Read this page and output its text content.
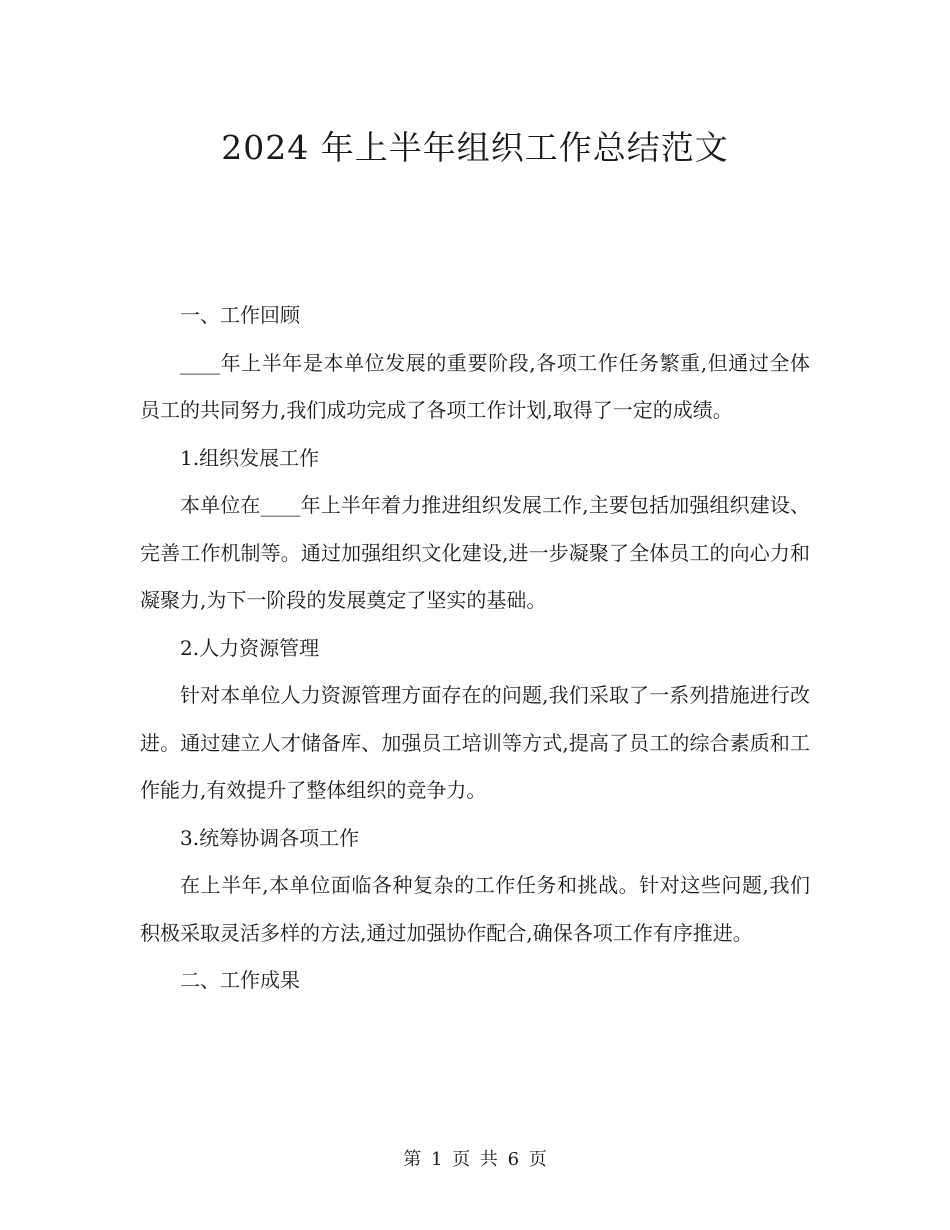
2024 年上半年组织工作总结范文

一、工作回顾

____年上半年是本单位发展的重要阶段,各项工作任务繁重,但通过全体员工的共同努力,我们成功完成了各项工作计划,取得了一定的成绩。

1.组织发展工作

本单位在____年上半年着力推进组织发展工作,主要包括加强组织建设、完善工作机制等。通过加强组织文化建设,进一步凝聚了全体员工的向心力和凝聚力,为下一阶段的发展奠定了坚实的基础。

2.人力资源管理

针对本单位人力资源管理方面存在的问题,我们采取了一系列措施进行改进。通过建立人才储备库、加强员工培训等方式,提高了员工的综合素质和工作能力,有效提升了整体组织的竞争力。

3.统筹协调各项工作

在上半年,本单位面临各种复杂的工作任务和挑战。针对这些问题,我们积极采取灵活多样的方法,通过加强协作配合,确保各项工作有序推进。

二、工作成果

第 1 页 共 6 页
